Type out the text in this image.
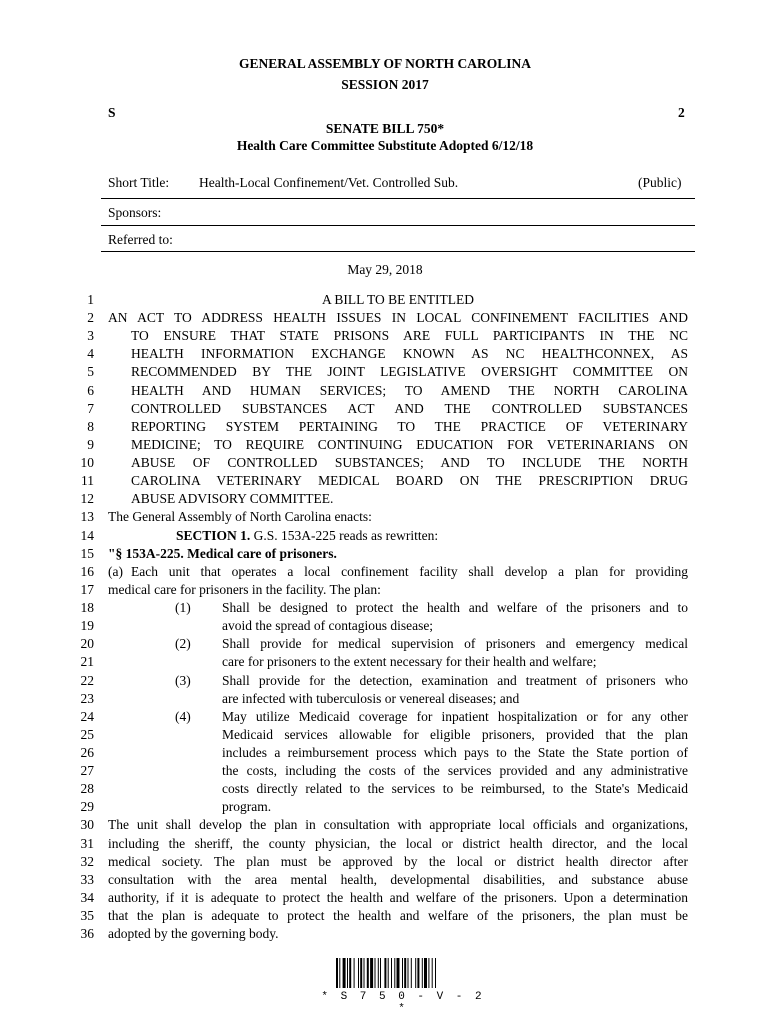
GENERAL ASSEMBLY OF NORTH CAROLINA
SESSION 2017
S	2
SENATE BILL 750*
Health Care Committee Substitute Adopted 6/12/18
Short Title: Health-Local Confinement/Vet. Controlled Sub.	(Public)
Sponsors:
Referred to:
May 29, 2018
1	A BILL TO BE ENTITLED
2 AN ACT TO ADDRESS HEALTH ISSUES IN LOCAL CONFINEMENT FACILITIES AND
3	TO ENSURE THAT STATE PRISONS ARE FULL PARTICIPANTS IN THE NC
4	HEALTH INFORMATION EXCHANGE KNOWN AS NC HEALTHCONNEX, AS
5	RECOMMENDED BY THE JOINT LEGISLATIVE OVERSIGHT COMMITTEE ON
6	HEALTH AND HUMAN SERVICES; TO AMEND THE NORTH CAROLINA
7	CONTROLLED SUBSTANCES ACT AND THE CONTROLLED SUBSTANCES
8	REPORTING SYSTEM PERTAINING TO THE PRACTICE OF VETERINARY
9	MEDICINE; TO REQUIRE CONTINUING EDUCATION FOR VETERINARIANS ON
10	ABUSE OF CONTROLLED SUBSTANCES; AND TO INCLUDE THE NORTH
11	CAROLINA VETERINARY MEDICAL BOARD ON THE PRESCRIPTION DRUG
12	ABUSE ADVISORY COMMITTEE.
13 The General Assembly of North Carolina enacts:
14	SECTION 1. G.S. 153A-225 reads as rewritten:
15 "§ 153A-225. Medical care of prisoners.
16 (a) Each unit that operates a local confinement facility shall develop a plan for providing
17 medical care for prisoners in the facility. The plan:
18	(1) Shall be designed to protect the health and welfare of the prisoners and to
19	avoid the spread of contagious disease;
20	(2) Shall provide for medical supervision of prisoners and emergency medical
21	care for prisoners to the extent necessary for their health and welfare;
22	(3) Shall provide for the detection, examination and treatment of prisoners who
23	are infected with tuberculosis or venereal diseases; and
24	(4) May utilize Medicaid coverage for inpatient hospitalization or for any other
25	Medicaid services allowable for eligible prisoners, provided that the plan
26	includes a reimbursement process which pays to the State the State portion of
27	the costs, including the costs of the services provided and any administrative
28	costs directly related to the services to be reimbursed, to the State's Medicaid
29	program.
30 The unit shall develop the plan in consultation with appropriate local officials and organizations,
31 including the sheriff, the county physician, the local or district health director, and the local
32 medical society. The plan must be approved by the local or district health director after
33 consultation with the area mental health, developmental disabilities, and substance abuse
34 authority, if it is adequate to protect the health and welfare of the prisoners. Upon a determination
35 that the plan is adequate to protect the health and welfare of the prisoners, the plan must be
36 adopted by the governing body.
* S 7 5 0 - V - 2 *
